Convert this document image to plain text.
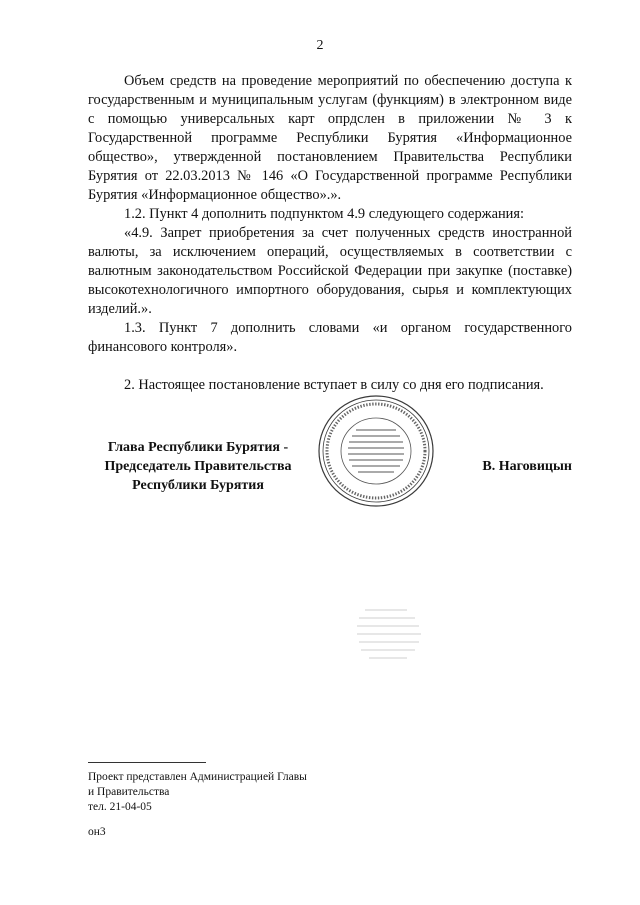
2

Объем средств на проведение мероприятий по обеспечению доступа к государственным и муниципальным услугам (функциям) в электронном виде с помощью универсальных карт опрдслен в приложении № 3 к Государственной программе Республики Бурятия «Информационное общество», утвержденной постановлением Правительства Республики Бурятия от 22.03.2013 № 146 «О Государственной программе Республики Бурятия «Информационное общество».».

1.2. Пункт 4 дополнить подпунктом 4.9 следующего содержания:

«4.9. Запрет приобретения за счет полученных средств иностранной валюты, за исключением операций, осуществляемых в соответствии с валютным законодательством Российской Федерации при закупке (поставке) высокотехнологичного импортного оборудования, сырья и комплектующих изделий.».

1.3. Пункт 7 дополнить словами «и органом государственного финансового контроля».

2. Настоящее постановление вступает в силу со дня его подписания.

Глава Республики Бурятия -
Председатель Правительства
Республики Бурятия
В. Наговицын
Проект представлен Администрацией Главы
и Правительства
тел. 21-04-05
он3
